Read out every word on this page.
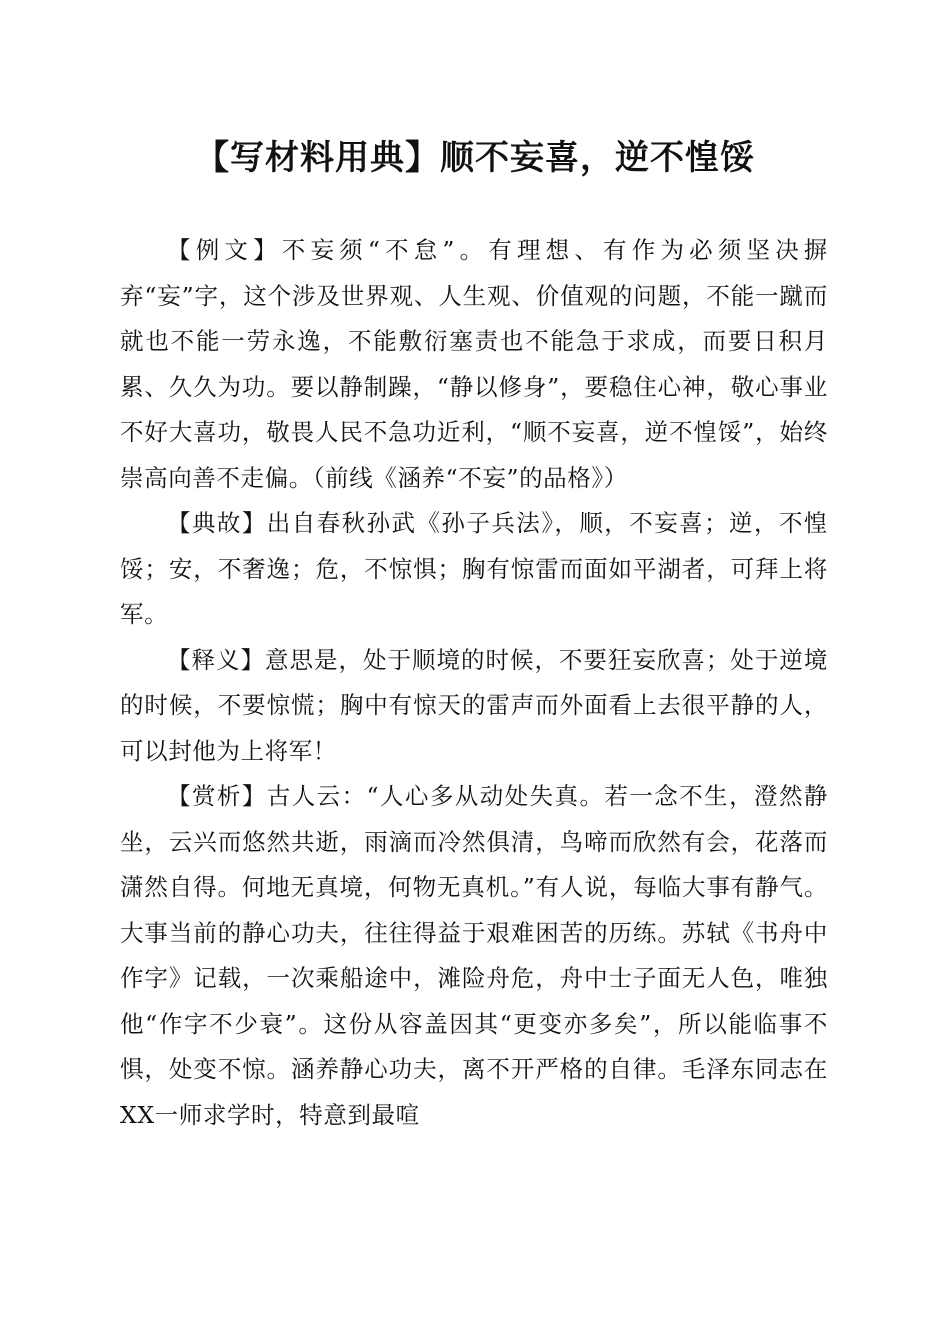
【写材料用典】顺不妄喜，逆不惶馁

【例文】不妄须“不怠”。有理想、有作为必须坚决摒弃“妄”字，这个涉及世界观、人生观、价值观的问题，不能一蹴而就也不能一劳永逸，不能敷衍塞责也不能急于求成，而要日积月累、久久为功。要以静制躁，“静以修身”，要稳住心神，敬心事业不好大喜功，敬畏人民不急功近利，“顺不妄喜，逆不惶馁”，始终崇高向善不走偏。（前线《涵养“不妄”的品格》）

【典故】出自春秋孙武《孙子兵法》，顺，不妄喜；逆，不惶馁；安，不奢逸；危，不惊惧；胸有惊雷而面如平湖者，可拜上将军。

【释义】意思是，处于顺境的时候，不要狂妄欣喜；处于逆境的时候，不要惊慌；胸中有惊天的雷声而外面看上去很平静的人，可以封他为上将军！

【赏析】古人云：“人心多从动处失真。若一念不生，澄然静坐，云兴而悠然共逝，雨滴而冷然俱清，鸟啼而欣然有会，花落而潇然自得。何地无真境，何物无真机。”有人说，每临大事有静气。大事当前的静心功夫，往往得益于艰难困苦的历练。苏轼《书舟中作字》记载，一次乘船途中，滩险舟危，舟中士子面无人色，唯独他“作字不少衰”。这份从容盖因其“更变亦多矣”，所以能临事不惧，处变不惊。涵养静心功夫，离不开严格的自律。毛泽东同志在XX一师求学时，特意到最喧
